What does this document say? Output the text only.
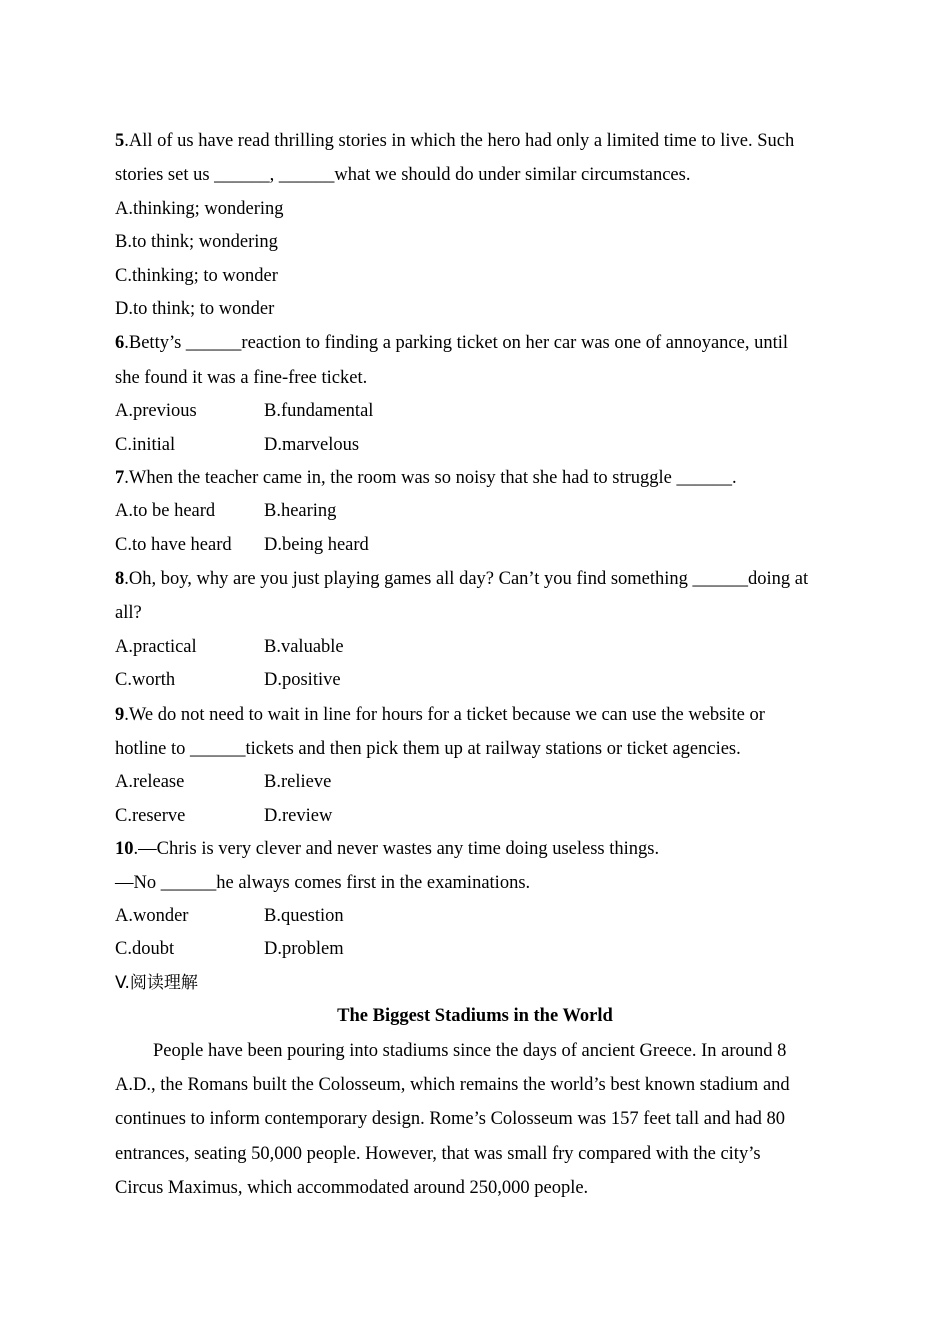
5.All of us have read thrilling stories in which the hero had only a limited time to live. Such
stories set us ______, ______what we should do under similar circumstances.
A.thinking; wondering
B.to think; wondering
C.thinking; to wonder
D.to think; to wonder
6.Betty’s ______reaction to finding a parking ticket on her car was one of annoyance, until
she found it was a fine-free ticket.
A.previous	B.fundamental
C.initial	D.marvelous
7.When the teacher came in, the room was so noisy that she had to struggle ______.
A.to be heard	B.hearing
C.to have heard D.being heard
8.Oh, boy, why are you just playing games all day? Can’t you find something ______doing at
all?
A.practical	B.valuable
C.worth	D.positive
9.We do not need to wait in line for hours for a ticket because we can use the website or
hotline to ______tickets and then pick them up at railway stations or ticket agencies.
A.release	B.relieve
C.reserve	D.review
10.—Chris is very clever and never wastes any time doing useless things.
—No ______he always comes first in the examinations.
A.wonder	B.question
C.doubt	D.problem
V.阅读理解
The Biggest Stadiums in the World
People have been pouring into stadiums since the days of ancient Greece. In around 8
A.D., the Romans built the Colosseum, which remains the world’s best known stadium and
continues to inform contemporary design. Rome’s Colosseum was 157 feet tall and had 80
entrances, seating 50,000 people. However, that was small fry compared with the city’s
Circus Maximus, which accommodated around 250,000 people.
